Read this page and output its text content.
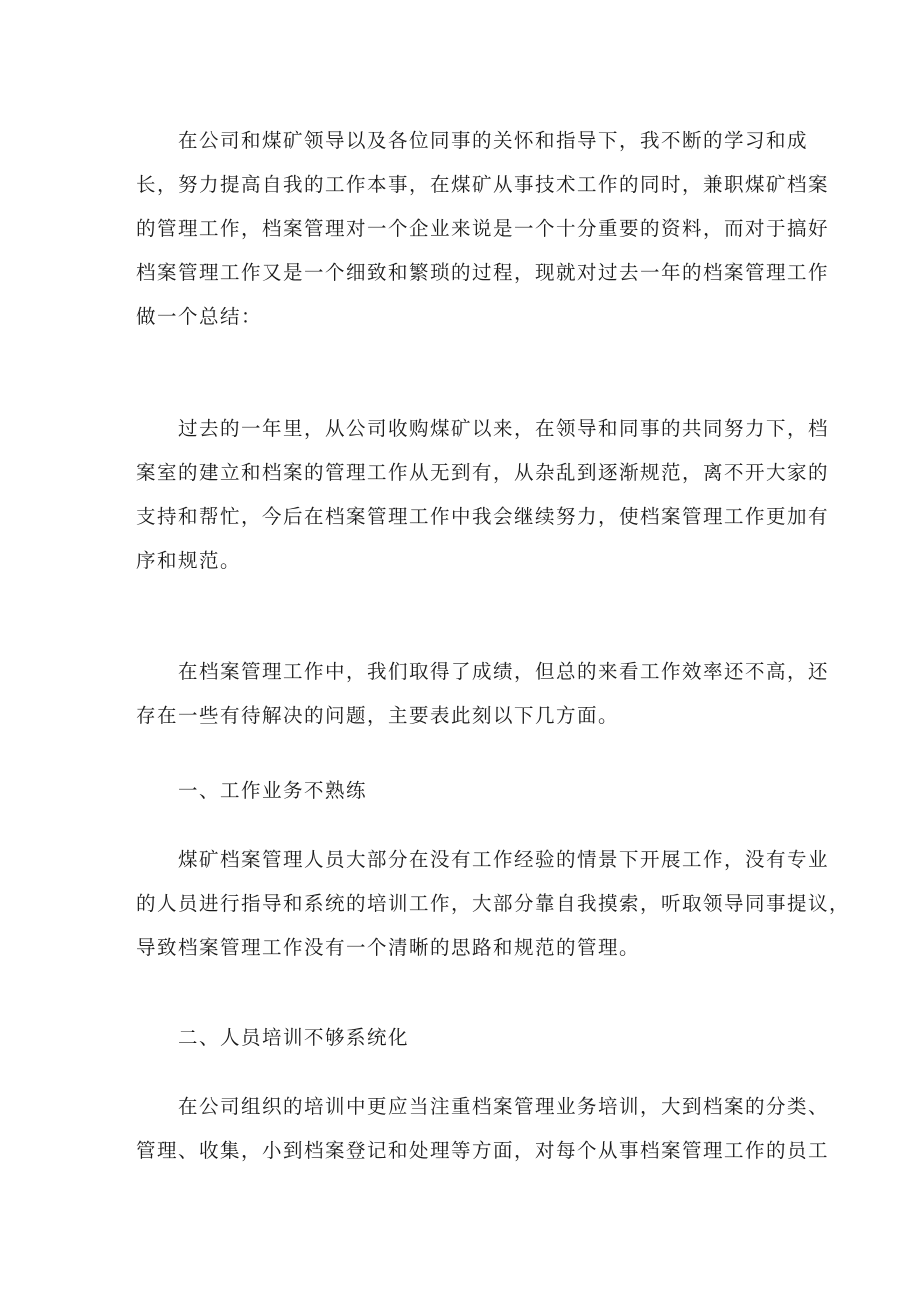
在公司和煤矿领导以及各位同事的关怀和指导下，我不断的学习和成
长，努力提高自我的工作本事，在煤矿从事技术工作的同时，兼职煤矿档案
的管理工作，档案管理对一个企业来说是一个十分重要的资料，而对于搞好
档案管理工作又是一个细致和繁琐的过程，现就对过去一年的档案管理工作
做一个总结：
过去的一年里，从公司收购煤矿以来，在领导和同事的共同努力下，档
案室的建立和档案的管理工作从无到有，从杂乱到逐渐规范，离不开大家的
支持和帮忙，今后在档案管理工作中我会继续努力，使档案管理工作更加有
序和规范。
在档案管理工作中，我们取得了成绩，但总的来看工作效率还不高，还
存在一些有待解决的问题，主要表此刻以下几方面。
一、工作业务不熟练
煤矿档案管理人员大部分在没有工作经验的情景下开展工作，没有专业
的人员进行指导和系统的培训工作，大部分靠自我摸索，听取领导同事提议，
导致档案管理工作没有一个清晰的思路和规范的管理。
二、人员培训不够系统化
在公司组织的培训中更应当注重档案管理业务培训，大到档案的分类、
管理、收集，小到档案登记和处理等方面，对每个从事档案管理工作的员工
